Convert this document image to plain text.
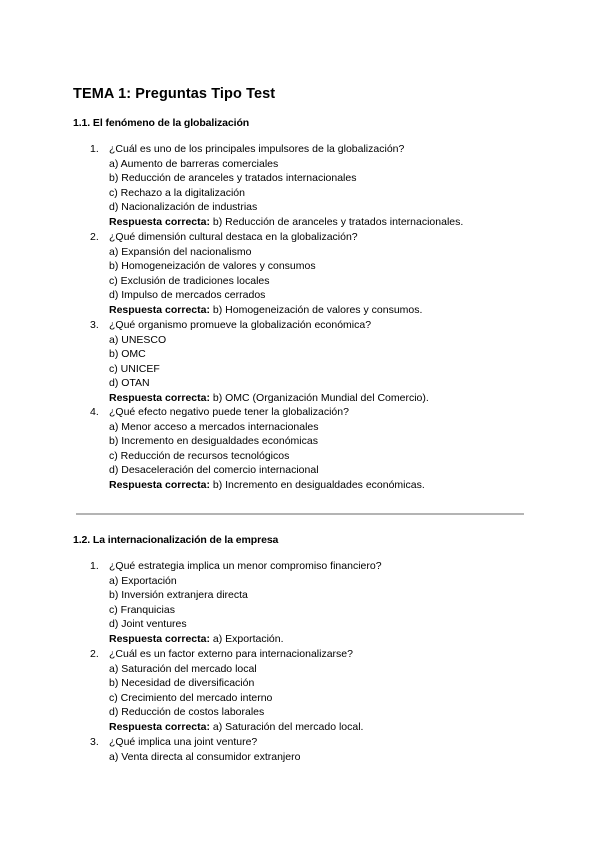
TEMA 1: Preguntas Tipo Test
1.1. El fenómeno de la globalización
1. ¿Cuál es uno de los principales impulsores de la globalización?
a) Aumento de barreras comerciales
b) Reducción de aranceles y tratados internacionales
c) Rechazo a la digitalización
d) Nacionalización de industrias
Respuesta correcta: b) Reducción de aranceles y tratados internacionales.
2. ¿Qué dimensión cultural destaca en la globalización?
a) Expansión del nacionalismo
b) Homogeneización de valores y consumos
c) Exclusión de tradiciones locales
d) Impulso de mercados cerrados
Respuesta correcta: b) Homogeneización de valores y consumos.
3. ¿Qué organismo promueve la globalización económica?
a) UNESCO
b) OMC
c) UNICEF
d) OTAN
Respuesta correcta: b) OMC (Organización Mundial del Comercio).
4. ¿Qué efecto negativo puede tener la globalización?
a) Menor acceso a mercados internacionales
b) Incremento en desigualdades económicas
c) Reducción de recursos tecnológicos
d) Desaceleración del comercio internacional
Respuesta correcta: b) Incremento en desigualdades económicas.
1.2. La internacionalización de la empresa
1. ¿Qué estrategia implica un menor compromiso financiero?
a) Exportación
b) Inversión extranjera directa
c) Franquicias
d) Joint ventures
Respuesta correcta: a) Exportación.
2. ¿Cuál es un factor externo para internacionalizarse?
a) Saturación del mercado local
b) Necesidad de diversificación
c) Crecimiento del mercado interno
d) Reducción de costos laborales
Respuesta correcta: a) Saturación del mercado local.
3. ¿Qué implica una joint venture?
a) Venta directa al consumidor extranjero
